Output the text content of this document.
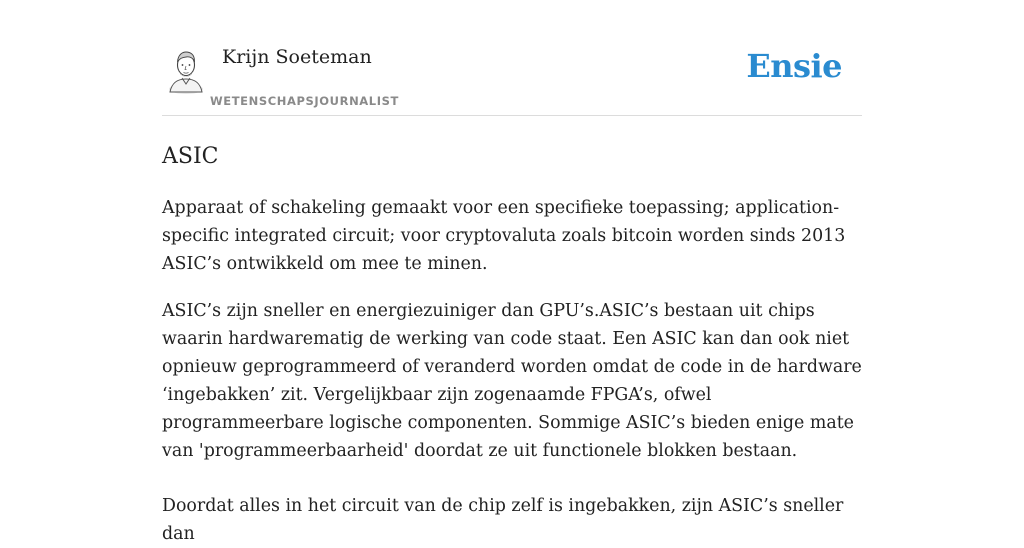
Krijn Soeteman
WETENSCHAPSJOURNALIST
Ensie
ASIC

Apparaat of schakeling gemaakt voor een specifieke toepassing; application-specific integrated circuit; voor cryptovaluta zoals bitcoin worden sinds 2013 ASIC’s ontwikkeld om mee te minen.

ASIC’s zijn sneller en energiezuiniger dan GPU’s.ASIC’s bestaan uit chips waarin hardwarematig de werking van code staat. Een ASIC kan dan ook niet opnieuw geprogrammeerd of veranderd worden omdat de code in de hardware ‘ingebakken’ zit. Vergelijkbaar zijn zogenaamde FPGA’s, ofwel programmeerbare logische componenten. Sommige ASIC’s bieden enige mate van 'programmeerbaarheid' doordat ze uit functionele blokken bestaan.

Doordat alles in het circuit van de chip zelf is ingebakken, zijn ASIC’s sneller dan
